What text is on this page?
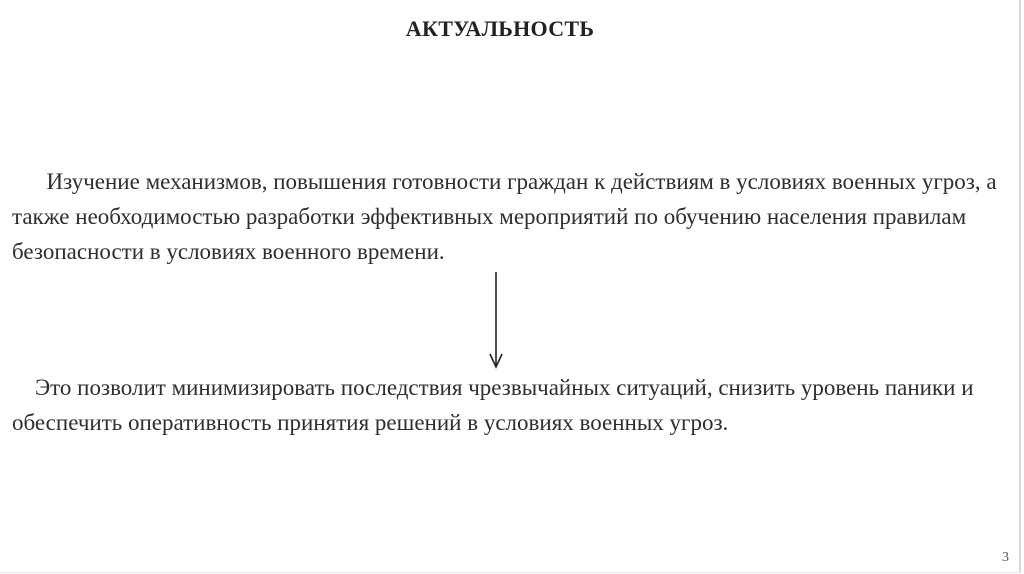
АКТУАЛЬНОСТЬ

Изучение механизмов, повышения готовности граждан к действиям в условиях военных угроз, а также необходимостью разработки эффективных мероприятий по обучению населения правилам безопасности в условиях военного времени.

Это позволит минимизировать последствия чрезвычайных ситуаций, снизить уровень паники и обеспечить оперативность принятия решений в условиях военных угроз.

3
